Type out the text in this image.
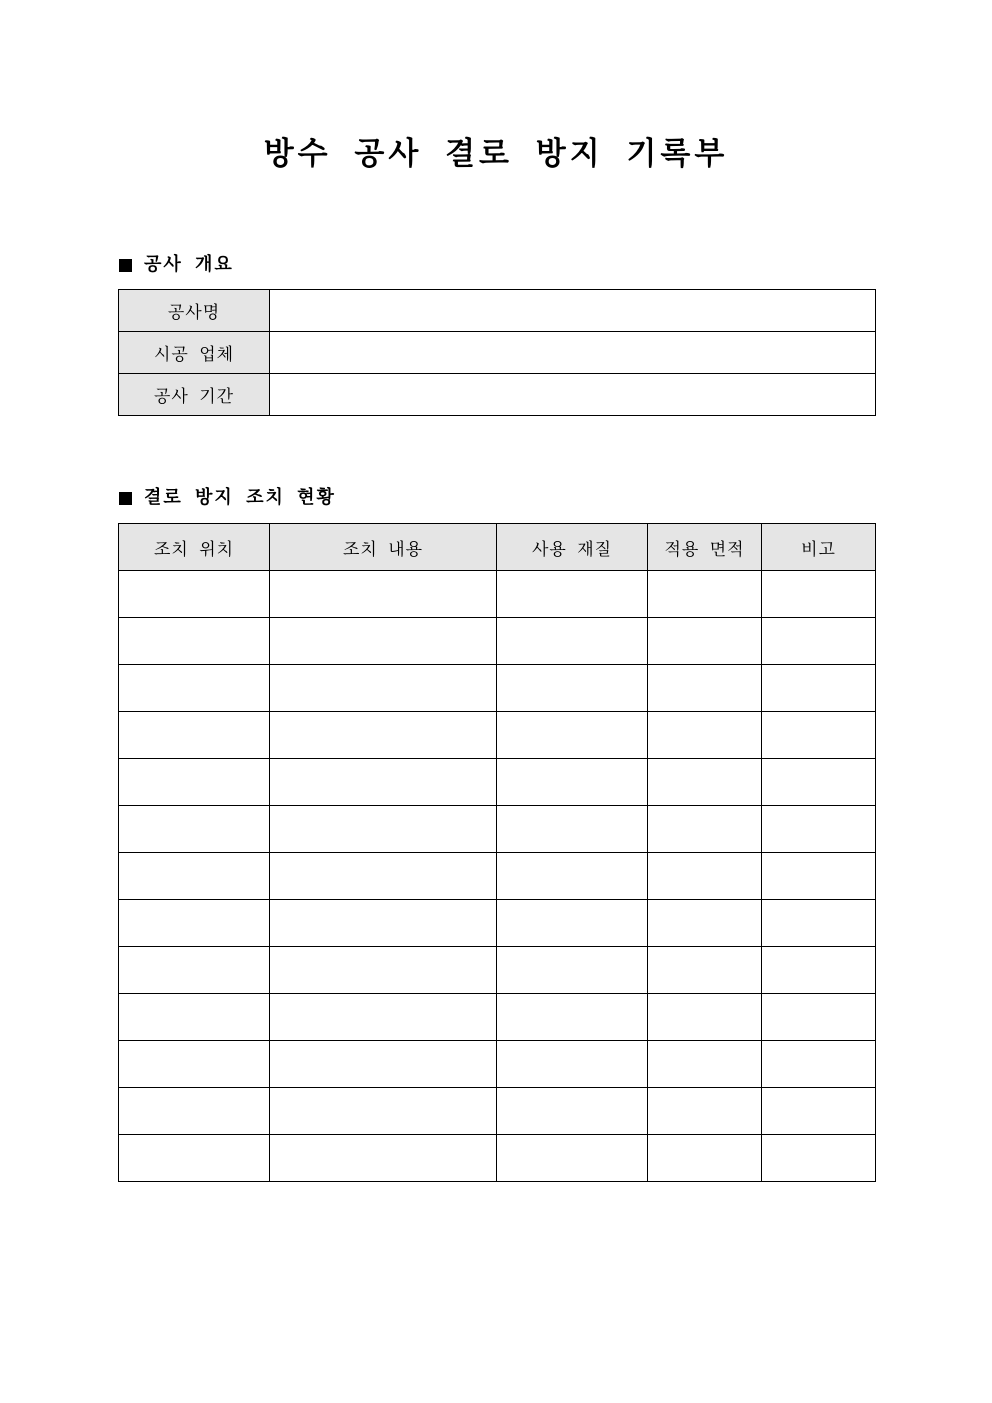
방수 공사 결로 방지 기록부
공사 개요
공사명	
시공 업체	
공사 기간	
결로 방지 조치 현황
조치 위치	조치 내용	사용 재질	적용 면적	비고
